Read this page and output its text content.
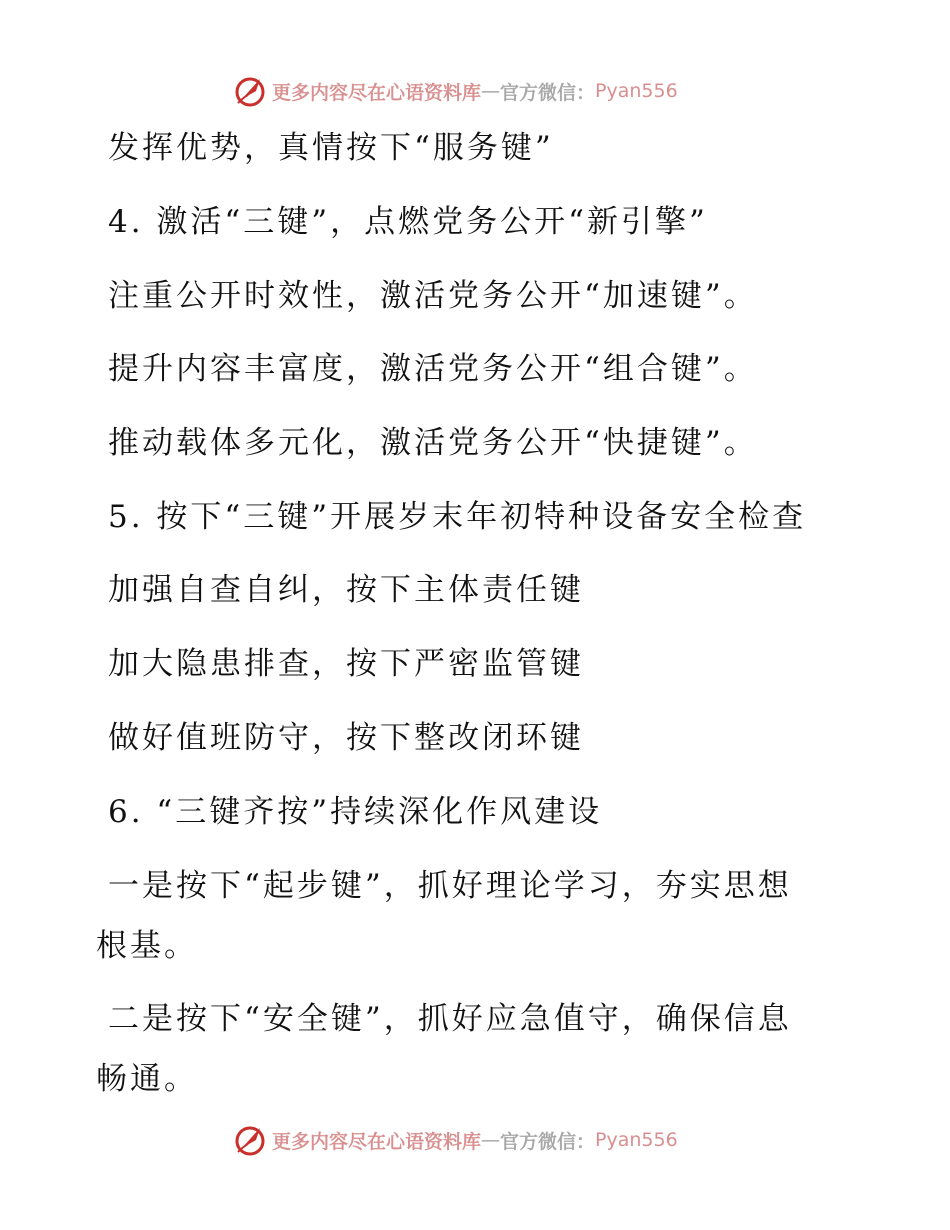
更多内容尽在心语资料库 — 官方微信： Pyan556
发挥优势，真情按下“服务键”
4. 激活“三键”，点燃党务公开“新引擎”
注重公开时效性，激活党务公开“加速键”。
提升内容丰富度，激活党务公开“组合键”。
推动载体多元化，激活党务公开“快捷键”。
5. 按下“三键”开展岁末年初特种设备安全检查
加强自查自纠，按下主体责任键
加大隐患排查，按下严密监管键
做好值班防守，按下整改闭环键
6. “三键齐按”持续深化作风建设
一是按下“起步键”，抓好理论学习，夯实思想
根基。
二是按下“安全键”，抓好应急值守，确保信息
畅通。
更多内容尽在心语资料库 — 官方微信： Pyan556
